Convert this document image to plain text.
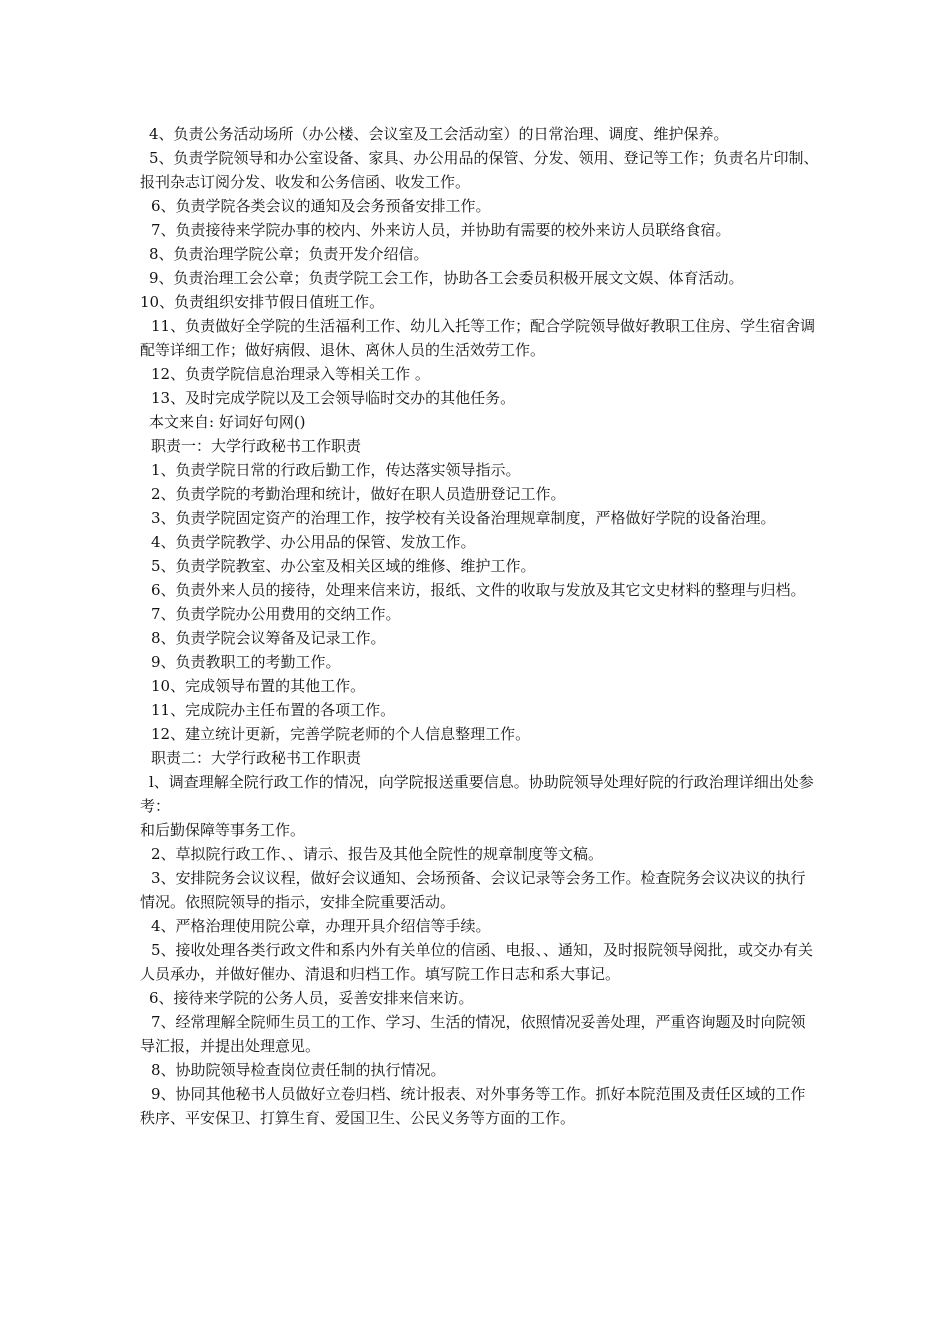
4、负责公务活动场所（办公楼、会议室及工会活动室）的日常治理、调度、维护保养。

5、负责学院领导和办公室设备、家具、办公用品的保管、分发、领用、登记等工作；负责名片印制、报刊杂志订阅分发、收发和公务信函、收发工作。

6、负责学院各类会议的通知及会务预备安排工作。

7、负责接待来学院办事的校内、外来访人员，并协助有需要的校外来访人员联络食宿。

8、负责治理学院公章；负责开发介绍信。

9、负责治理工会公章；负责学院工会工作，协助各工会委员积极开展文文娱、体育活动。

10、负责组织安排节假日值班工作。

11、负责做好全学院的生活福利工作、幼儿入托等工作；配合学院领导做好教职工住房、学生宿舍调配等详细工作；做好病假、退休、离休人员的生活效劳工作。

12、负责学院信息治理录入等相关工作 。

13、及时完成学院以及工会领导临时交办的其他任务。

本文来自: 好词好句网()

职责一：大学行政秘书工作职责

1、负责学院日常的行政后勤工作，传达落实领导指示。

2、负责学院的考勤治理和统计，做好在职人员造册登记工作。

3、负责学院固定资产的治理工作，按学校有关设备治理规章制度，严格做好学院的设备治理。

4、负责学院教学、办公用品的保管、发放工作。

5、负责学院教室、办公室及相关区域的维修、维护工作。

6、负责外来人员的接待，处理来信来访，报纸、文件的收取与发放及其它文史材料的整理与归档。

7、负责学院办公用费用的交纳工作。

8、负责学院会议筹备及记录工作。

9、负责教职工的考勤工作。

10、完成领导布置的其他工作。

11、完成院办主任布置的各项工作。

12、建立统计更新，完善学院老师的个人信息整理工作。

职责二：大学行政秘书工作职责

l、调查理解全院行政工作的情况，向学院报送重要信息。协助院领导处理好院的行政治理详细出处参考：

和后勤保障等事务工作。

2、草拟院行政工作、、请示、报告及其他全院性的规章制度等文稿。

3、安排院务会议议程，做好会议通知、会场预备、会议记录等会务工作。检查院务会议决议的执行情况。依照院领导的指示，安排全院重要活动。

4、严格治理使用院公章，办理开具介绍信等手续。

5、接收处理各类行政文件和系内外有关单位的信函、电报、、通知，及时报院领导阅批，或交办有关人员承办，并做好催办、清退和归档工作。填写院工作日志和系大事记。

6、接待来学院的公务人员，妥善安排来信来访。

7、经常理解全院师生员工的工作、学习、生活的情况，依照情况妥善处理，严重咨询题及时向院领导汇报，并提出处理意见。

8、协助院领导检查岗位责任制的执行情况。

9、协同其他秘书人员做好立卷归档、统计报表、对外事务等工作。抓好本院范围及责任区域的工作秩序、平安保卫、打算生育、爱国卫生、公民义务等方面的工作。
